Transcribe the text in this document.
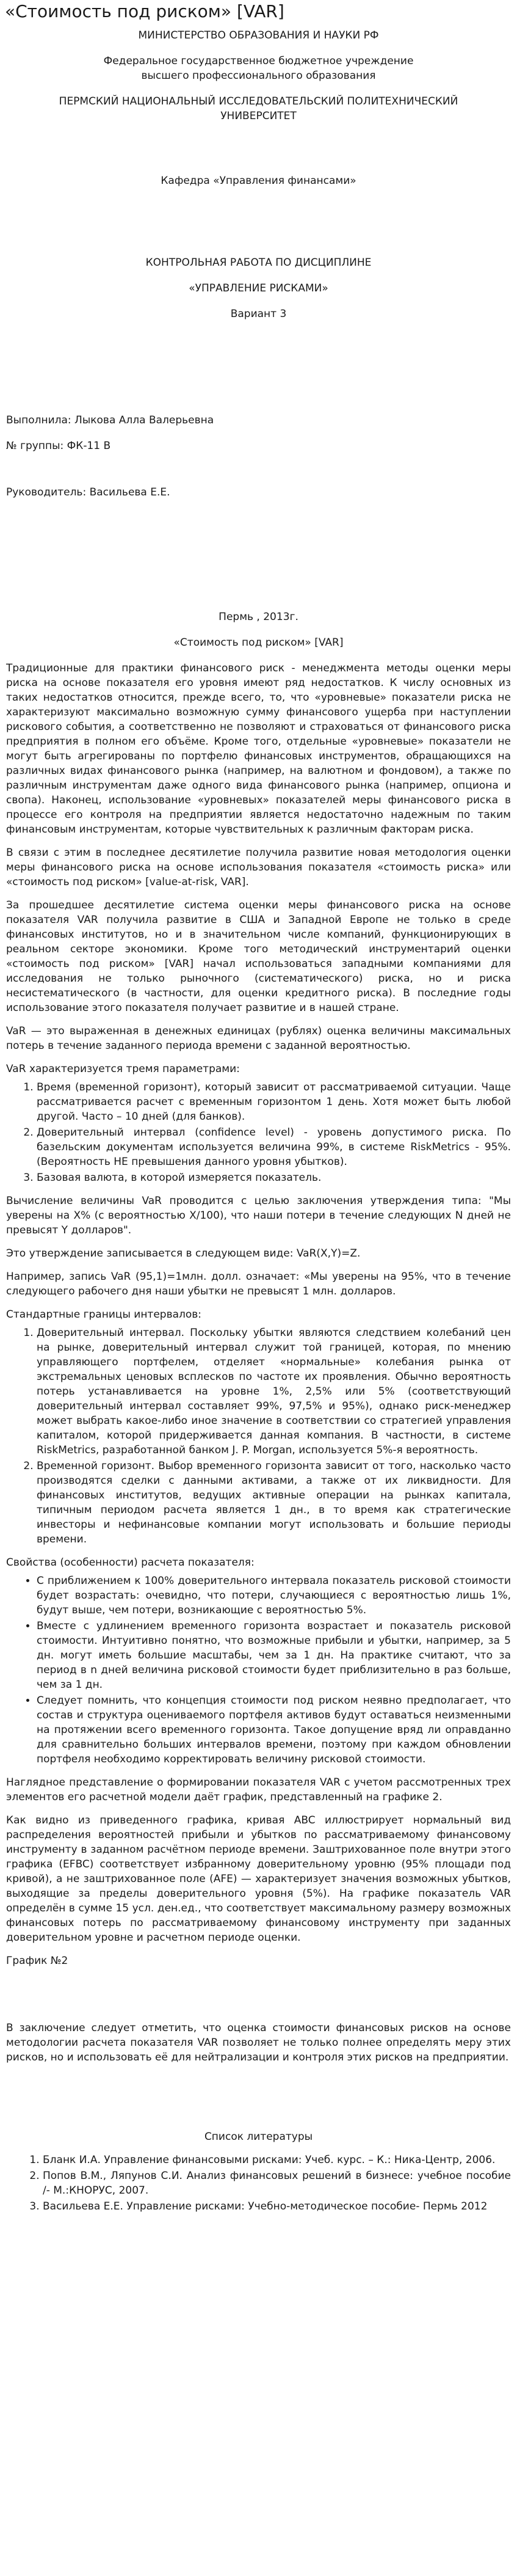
«Стоимость под риском» [VAR]
МИНИСТЕРСТВО ОБРАЗОВАНИЯ И НАУКИ РФ
Федеральное государственное бюджетное учреждение
высшего профессионального образования
ПЕРМСКИЙ НАЦИОНАЛЬНЫЙ ИССЛЕДОВАТЕЛЬСКИЙ ПОЛИТЕХНИЧЕСКИЙ
УНИВЕРСИТЕТ
Кафедра «Управления финансами»
КОНТРОЛЬНАЯ РАБОТА ПО ДИСЦИПЛИНЕ
«УПРАВЛЕНИЕ РИСКАМИ»
Вариант 3
Выполнила: Лыкова Алла Валерьевна
№ группы: ФК-11 В
Руководитель: Васильева Е.Е.
Пермь , 2013г.
«Стоимость под риском» [VAR]

Традиционные для практики финансового риск - менеджмента методы оценки меры риска на основе показателя его уровня имеют ряд недостатков. К числу основных из таких недостатков относится, прежде всего, то, что «уровневые» показатели риска не характеризуют максимально возможную сумму финансового ущерба при наступлении рискового события, а соответственно не позволяют и страховаться от финансового риска предприятия в полном его объёме. Кроме того, отдельные «уровневые» показатели не могут быть агрегированы по портфелю финансовых инструментов, обращающихся на различных видах финансового рынка (например, на валютном и фондовом), а также по различным инструментам даже одного вида финансового рынка (например, опциона и свопа). Наконец, использование «уровневых» показателей меры финансового риска в процессе его контроля на предприятии является недостаточно надежным по таким финансовым инструментам, которые чувствительных к различным факторам риска.

В связи с этим в последнее десятилетие получила развитие новая методология оценки меры финансового риска на основе использования показателя «стоимость риска» или «стоимость под риском» [value-at-risk, VAR].

За прошедшее десятилетие система оценки меры финансового риска на основе показателя VAR получила развитие в США и Западной Европе не только в среде финансовых институтов, но и в значительном числе компаний, функционирующих в реальном секторе экономики. Кроме того методический инструментарий оценки «стоимость под риском» [VAR] начал использоваться западными компаниями для исследования не только рыночного (систематического) риска, но и риска несистематического (в частности, для оценки кредитного риска). В последние годы использование этого показателя получает развитие и в нашей стране.

VaR — это выраженная в денежных единицах (рублях) оценка величины максимальных потерь в течение заданного периода времени с заданной вероятностью.

VaR характеризуется тремя параметрами:

1. Время (временной горизонт), который зависит от рассматриваемой ситуации. Чаще расcматривается расчет с временным горизонтом 1 день. Хотя может быть любой другой. Часто – 10 дней (для банков).
2. Доверительный интервал (confidence level) - уровень допустимого риска. По базельским документам используется величина 99%, в системе RiskMetrics - 95%. (Вероятность НЕ превышения данного уровня убытков).
3. Базовая валюта, в которой измеряется показатель.

Вычисление величины VaR проводится с целью заключения утверждения типа: "Мы уверены на Х% (с вероятностью Х/100), что наши потери в течение следующих N дней не превысят Y долларов".

Это утверждение записывается в следующем виде: VaR(X,Y)=Z.

Например, запись VaR (95,1)=1млн. долл. означает: «Мы уверены на 95%, что в течение следующего рабочего дня наши убытки не превысят 1 млн. долларов.

Стандартные границы интервалов:

1. Доверительный интервал. Поскольку убытки являются следствием колебаний цен на рынке, доверительный интервал служит той границей, которая, по мнению управляющего портфелем, отделяет «нормальные» колебания рынка от экстремальных ценовых всплесков по частоте их проявления. Обычно вероятность потерь устанавливается на уровне 1%, 2,5% или 5% (соответствующий доверительный интервал составляет 99%, 97,5% и 95%), однако риск-менеджер может выбрать какое-либо иное значение в соответствии со стратегией управления капиталом, которой придерживается данная компания. В частности, в системе RiskMetrics, разработанной банком J. P. Morgan, используется 5%-я вероятность.
2. Временной горизонт. Выбор временного горизонта зависит от того, насколько часто производятся сделки с данными активами, а также от их ликвидности. Для финансовых институтов, ведущих активные операции на рынках капитала, типичным периодом расчета является 1 дн., в то время как стратегические инвесторы и нефинансовые компании могут использовать и большие периоды времени.

Свойства (особенности) расчета показателя:

• С приближением к 100% доверительного интервала показатель рисковой стоимости будет возрастать: очевидно, что потери, случающиеся с вероятностью лишь 1%, будут выше, чем потери, возникающие с вероятностью 5%.
• Вместе с удлинением временного горизонта возрастает и показатель рисковой стоимости. Интуитивно понятно, что возможные прибыли и убытки, например, за 5 дн. могут иметь большие масштабы, чем за 1 дн. На практике считают, что за период в n дней величина рисковой стоимости будет приблизительно в раз больше, чем за 1 дн.
• Следует помнить, что концепция стоимости под риском неявно предполагает, что состав и структура оцениваемого портфеля активов будут оставаться неизменными на протяжении всего временного горизонта. Такое допущение вряд ли оправданно для сравнительно больших интервалов времени, поэтому при каждом обновлении портфеля необходимо корректировать величину рисковой стоимости.

Наглядное представление о формировании показателя VAR с учетом рассмотренных трех элементов его расчетной модели даёт график, представленный на графике 2.

Как видно из приведенного графика, кривая ABC иллюстрирует нормальный вид распределения вероятностей прибыли и убытков по рассматриваемому финансовому инструменту в заданном расчётном периоде времени. Заштрихованное поле внутри этого графика (EFBC) соответствует избранному доверительному уровню (95% площади под кривой), а не заштрихованное поле (AFE) — характеризует значения возможных убытков, выходящие за пределы доверительного уровня (5%). На графике показатель VAR определён в сумме 15 усл. ден.ед., что соответствует максимальному размеру возможных финансовых потерь по рассматриваемому финансовому инструменту при заданных доверительном уровне и расчетном периоде оценки.

График №2

В заключение следует отметить, что оценка стоимости финансовых рисков на основе методологии расчета показателя VAR позволяет не только полнее определять меру этих рисков, но и использовать её для нейтрализации и контроля этих рисков на предприятии.

Список литературы
1. Бланк И.А. Управление финансовыми рисками: Учеб. курс. – К.: Ника-Центр, 2006.
2. Попов В.М., Ляпунов С.И. Анализ финансовых решений в бизнесе: учебное пособие /- М.:КНОРУС, 2007.
3. Васильева Е.Е. Управление рисками: Учебно-методическое пособие- Пермь 2012
